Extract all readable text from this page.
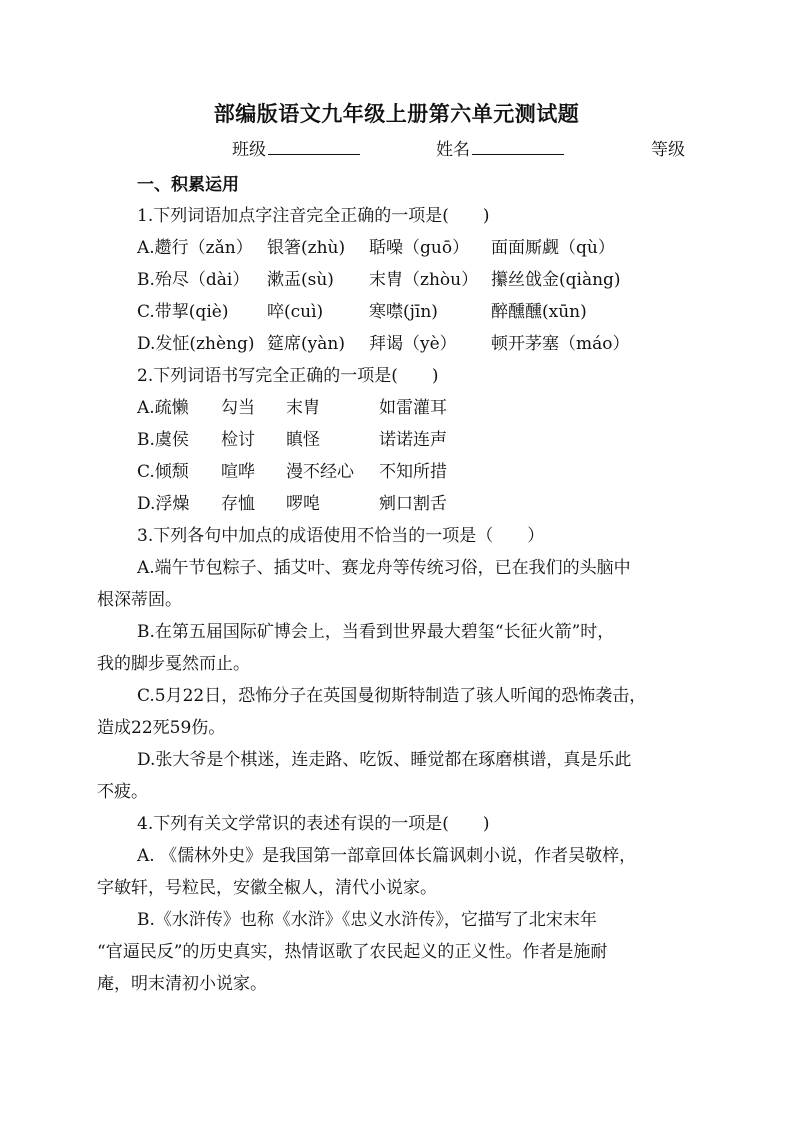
部编版语文九年级上册第六单元测试题
班级	姓名	等级
一、积累运用
1.下列词语加点字注音完全正确的一项是(　　)
A.趱行（zǎn） 银箸(zhù) 聒噪（guō） 面面厮觑（qù）
B.殆尽（dài） 漱盂(sù) 末胄（zhòu） 攥丝戗金(qiàng)
C.带挈(qiè) 啐(cuì)	寒噤(jīn)	醉醺醺(xūn)
D.发怔(zhèng) 筵席(yàn) 拜谒（yè） 顿开茅塞（máo）
2.下列词语书写完全正确的一项是(　　)
A.疏懒 勾当 末胄	如雷灌耳
B.虞侯 检讨 瞋怪	诺诺连声
C.倾颓 喧哗 漫不经心 不知所措
D.浮燥 存恤 啰唣	剜口割舌
3.下列各句中加点的成语使用不恰当的一项是（　　）
A.端午节包粽子、插艾叶、赛龙舟等传统习俗，已在我们的头脑中
根深蒂固。
B.在第五届国际矿博会上，当看到世界最大碧玺“长征火箭”时，
我的脚步戛然而止。
C.5月22日，恐怖分子在英国曼彻斯特制造了骇人听闻的恐怖袭击，
造成22死59伤。
D.张大爷是个棋迷，连走路、吃饭、睡觉都在琢磨棋谱，真是乐此
不疲。
4.下列有关文学常识的表述有误的一项是(　　)
A. 《儒林外史》是我国第一部章回体长篇讽刺小说，作者吴敬梓，
字敏轩，号粒民，安徽全椒人，清代小说家。
B.《水浒传》也称《水浒》《忠义水浒传》，它描写了北宋末年
“官逼民反”的历史真实，热情讴歌了农民起义的正义性。作者是施耐
庵，明末清初小说家。
